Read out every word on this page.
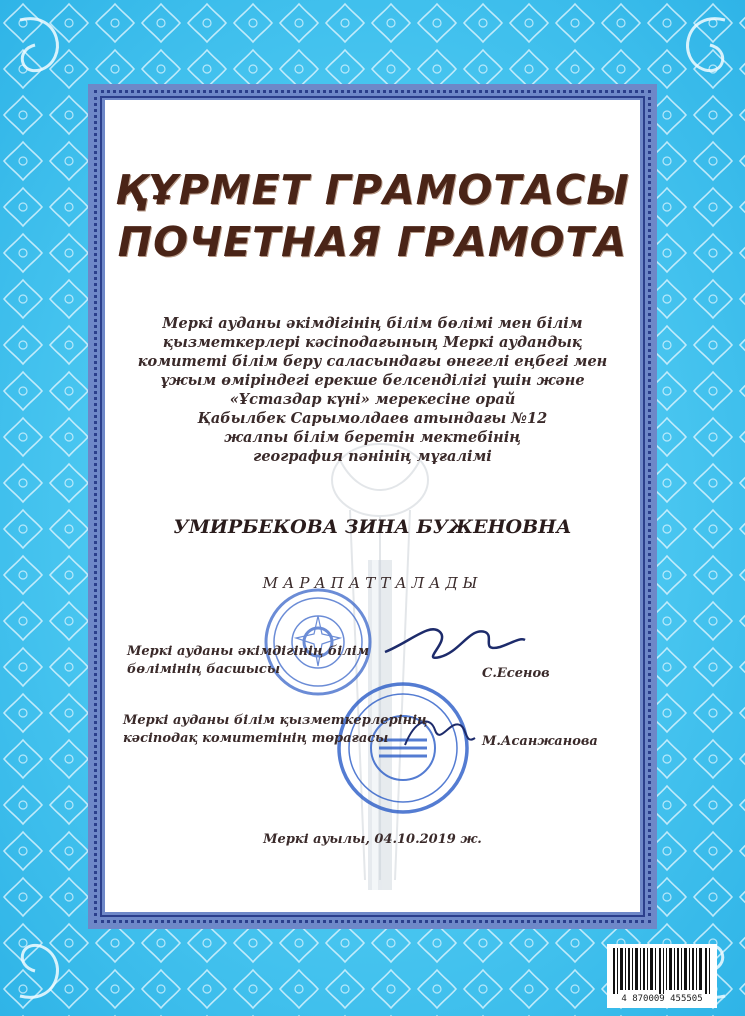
ҚҰРМЕТ ГРАМОТАСЫ
ПОЧЕТНАЯ ГРАМОТА
Меркі ауданы әкімдігінің білім бөлімі мен білім
қызметкерлері кәсіподағының Меркі аудандық
комитеті білім беру саласындағы өнегелі еңбегі мен
ұжым өміріндегі ерекше белсенділігі үшін және
«Ұстаздар күні» мерекесіне орай
Қабылбек Сарымолдаев атындағы №12
жалпы білім беретін мектебінің
география пәнінің мұғалімі
УМИРБЕКОВА ЗИНА БУЖЕНОВНА
МАРАПАТТАЛАДЫ
Меркі ауданы әкімдігінің білім
бөлімінің басшысы	С.Есенов
Меркі ауданы білім қызметкерлерінің
кәсіподақ комитетінің төрағасы	М.Асанжанова
Меркі ауылы, 04.10.2019 ж.
4 870009 455505
